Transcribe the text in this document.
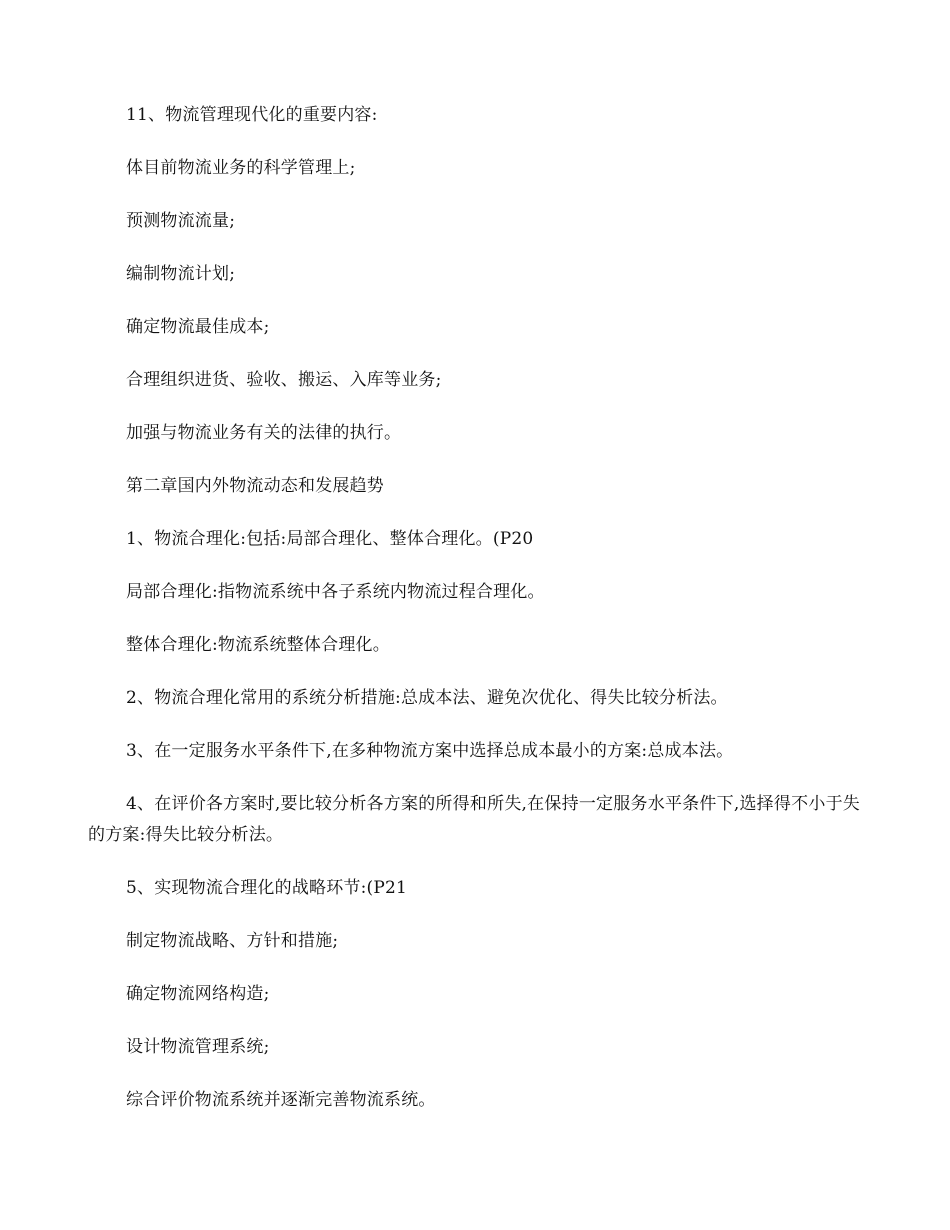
11、物流管理现代化的重要内容:

体目前物流业务的科学管理上;

预测物流流量;

编制物流计划;

确定物流最佳成本;

合理组织进货、验收、搬运、入库等业务;

加强与物流业务有关的法律的执行。

第二章国内外物流动态和发展趋势

1、物流合理化:包括:局部合理化、整体合理化。(P20

局部合理化:指物流系统中各子系统内物流过程合理化。

整体合理化:物流系统整体合理化。

2、物流合理化常用的系统分析措施:总成本法、避免次优化、得失比较分析法。

3、在一定服务水平条件下,在多种物流方案中选择总成本最小的方案:总成本法。

4、在评价各方案时,要比较分析各方案的所得和所失,在保持一定服务水平条件下,选择得不小于失的方案:得失比较分析法。

5、实现物流合理化的战略环节:(P21

制定物流战略、方针和措施;

确定物流网络构造;

设计物流管理系统;

综合评价物流系统并逐渐完善物流系统。
